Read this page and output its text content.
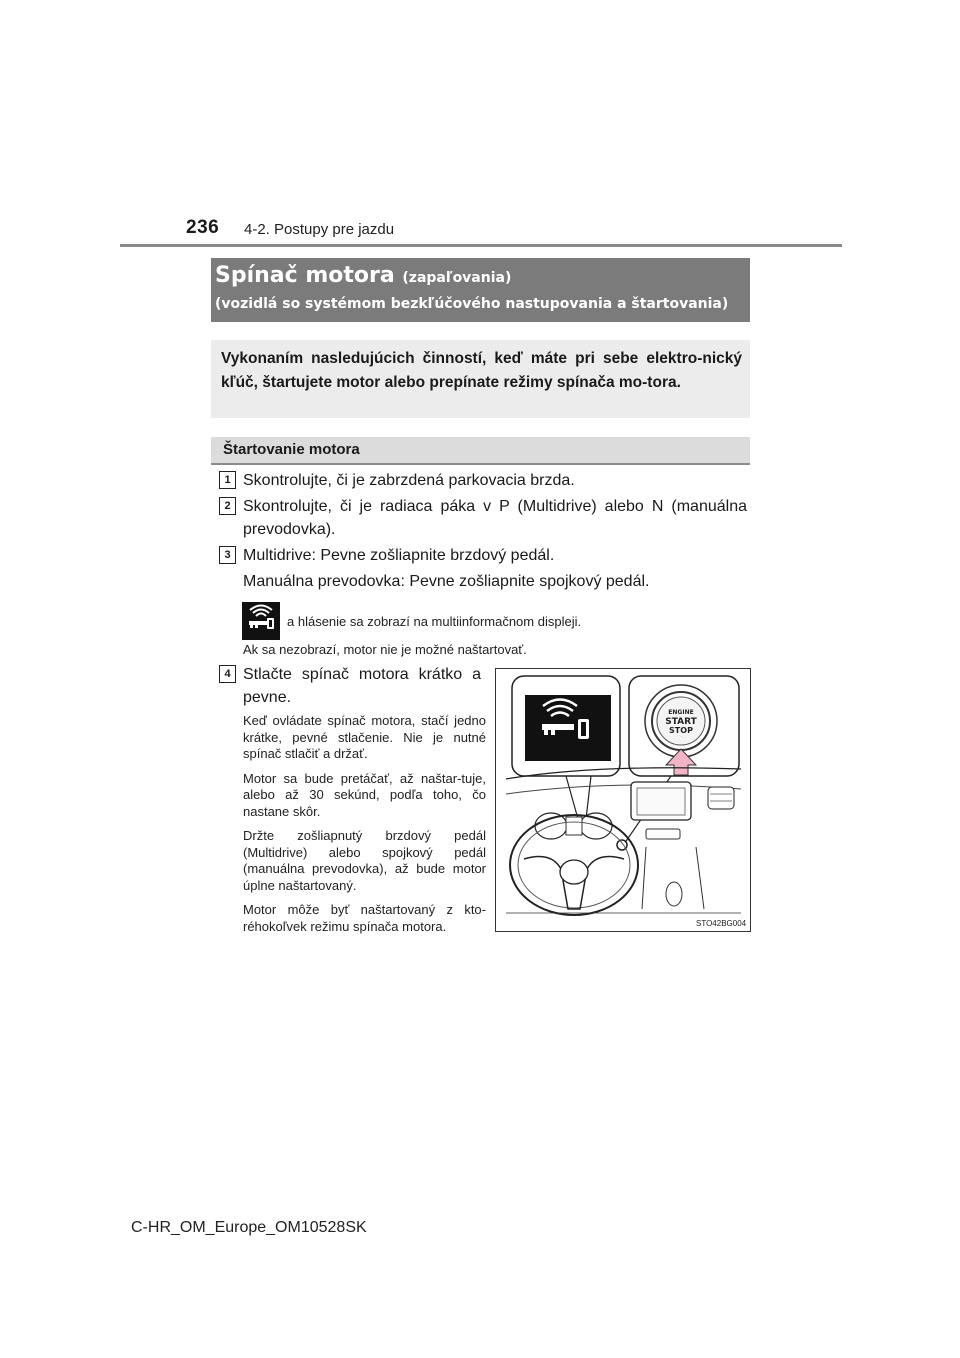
236 4-2. Postupy pre jazdu
Spínač motora (zapaľovania)
(vozidlá so systémom bezkľúčového nastupovania a štartovania)

Vykonaním nasledujúcich činností, keď máte pri sebe elektro-nický kľúč, štartujete motor alebo prepínate režimy spínača mo-tora.

Štartovanie motora
1 Skontrolujte, či je zabrzdená parkovacia brzda.
2 Skontrolujte, či je radiaca páka v P (Multidrive) alebo N (manuálna prevodovka).
3 Multidrive: Pevne zošliapnite brzdový pedál.
Manuálna prevodovka: Pevne zošliapnite spojkový pedál.
a hlásenie sa zobrazí na multiinformačnom displeji.
Ak sa nezobrazí, motor nie je možné naštartovať.
4 Stlačte spínač motora krátko a pevne.

Keď ovládate spínač motora, stačí jedno krátke, pevné stlačenie. Nie je nutné spínač stlačiť a držať.

Motor sa bude pretáčať, až naštar-tuje, alebo až 30 sekúnd, podľa toho, čo nastane skôr.

Držte zošliapnutý brzdový pedál (Multidrive) alebo spojkový pedál (manuálna prevodovka), až bude motor úplne naštartovaný.

Motor môže byť naštartovaný z kto-réhokoľvek režimu spínača motora.

ENGINE
START
STOP
STO42BG004
C-HR_OM_Europe_OM10528SK
